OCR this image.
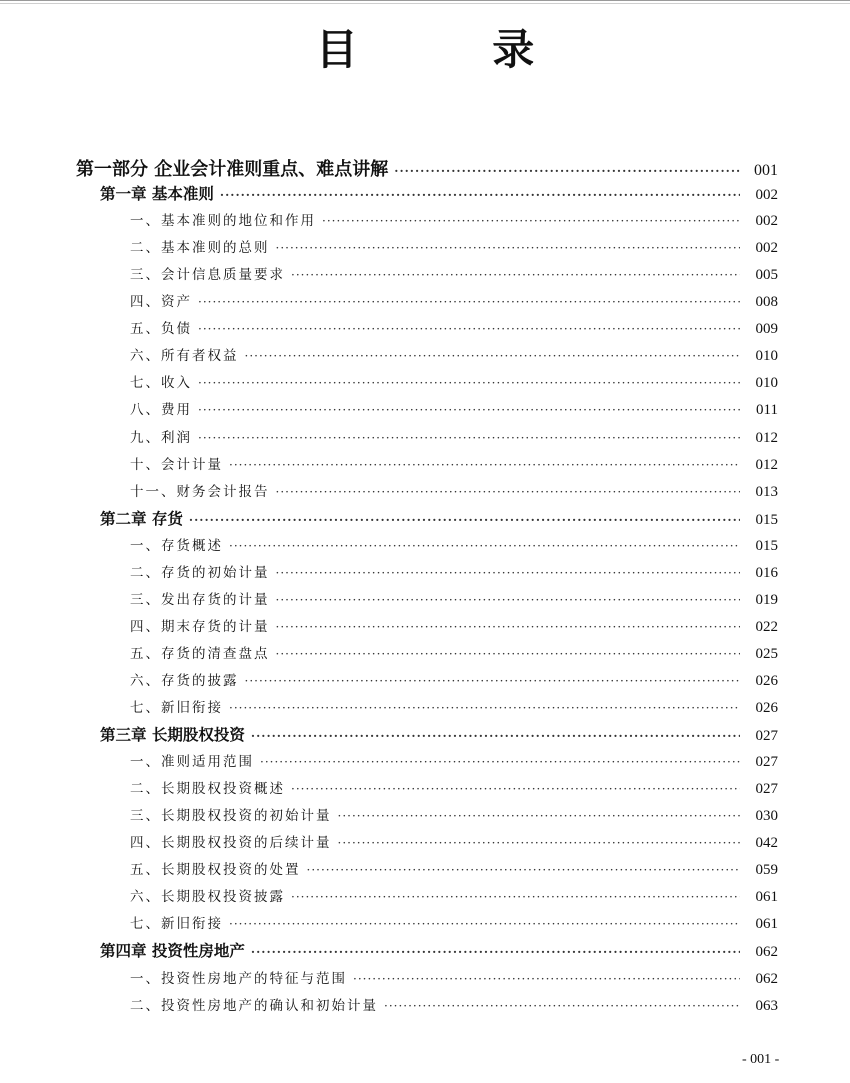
目 录
第一部分 企业会计准则重点、难点讲解 ·····	001
第一章 基本准则 ·····	002
一、基本准则的地位和作用 ·····	002
二、基本准则的总则 ·····	002
三、会计信息质量要求 ·····	005
四、资产 ·····	008
五、负债 ·····	009
六、所有者权益 ·····	010
七、收入 ·····	010
八、费用 ·····	011
九、利润 ·····	012
十、会计计量 ·····	012
十一、财务会计报告 ·····	013
第二章 存货 ·····	015
一、存货概述 ·····	015
二、存货的初始计量 ·····	016
三、发出存货的计量 ·····	019
四、期末存货的计量 ·····	022
五、存货的清查盘点 ·····	025
六、存货的披露 ·····	026
七、新旧衔接 ·····	026
第三章 长期股权投资 ·····	027
一、准则适用范围 ·····	027
二、长期股权投资概述 ·····	027
三、长期股权投资的初始计量 ·····	030
四、长期股权投资的后续计量 ·····	042
五、长期股权投资的处置 ·····	059
六、长期股权投资披露 ·····	061
七、新旧衔接 ·····	061
第四章 投资性房地产 ·····	062
一、投资性房地产的特征与范围 ·····	062
二、投资性房地产的确认和初始计量 ·····	063
- 001 -
